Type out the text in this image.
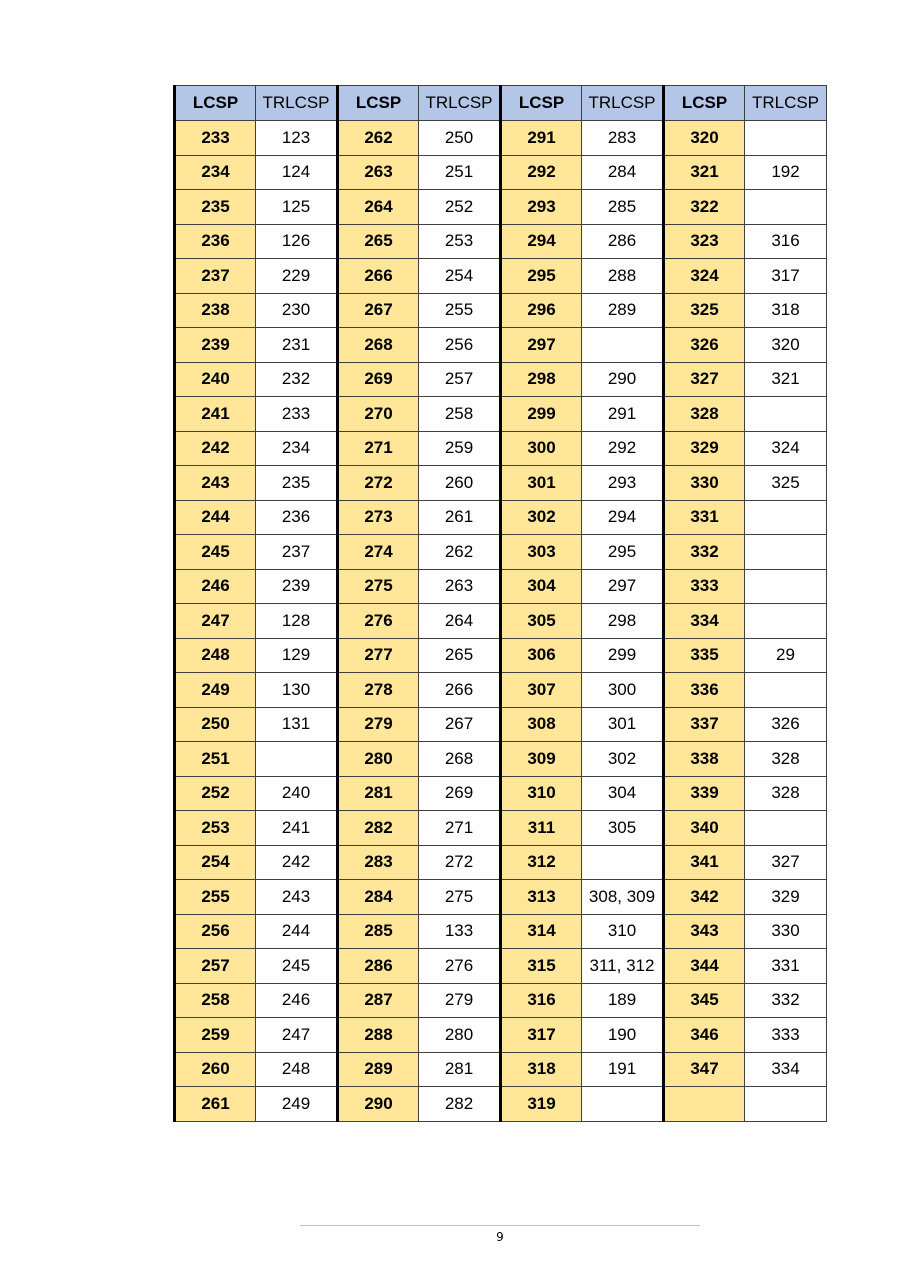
LCSP	TRLCSP	LCSP	TRLCSP	LCSP	TRLCSP	LCSP	TRLCSP
233	123	262	250	291	283	320	
234	124	263	251	292	284	321	192
235	125	264	252	293	285	322	
236	126	265	253	294	286	323	316
237	229	266	254	295	288	324	317
238	230	267	255	296	289	325	318
239	231	268	256	297		326	320
240	232	269	257	298	290	327	321
241	233	270	258	299	291	328	
242	234	271	259	300	292	329	324
243	235	272	260	301	293	330	325
244	236	273	261	302	294	331	
245	237	274	262	303	295	332	
246	239	275	263	304	297	333	
247	128	276	264	305	298	334	
248	129	277	265	306	299	335	29
249	130	278	266	307	300	336	
250	131	279	267	308	301	337	326
251		280	268	309	302	338	328
252	240	281	269	310	304	339	328
253	241	282	271	311	305	340	
254	242	283	272	312		341	327
255	243	284	275	313	308, 309	342	329
256	244	285	133	314	310	343	330
257	245	286	276	315	311, 312	344	331
258	246	287	279	316	189	345	332
259	247	288	280	317	190	346	333
260	248	289	281	318	191	347	334
261	249	290	282	319			
9
